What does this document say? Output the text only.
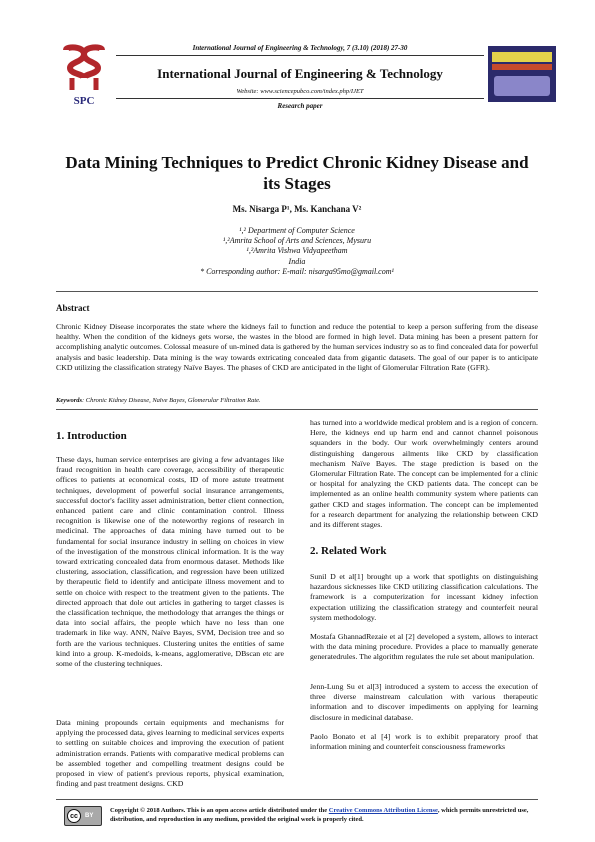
SPC
International Journal of Engineering & Technology, 7 (3.10) (2018) 27-30
International Journal of Engineering & Technology
Website: www.sciencepubco.com/index.php/IJET
Research paper
Data Mining Techniques to Predict Chronic Kidney Disease and its Stages
Ms. Nisarga P¹, Ms. Kanchana V²
¹,² Department of Computer Science
¹,²Amrita School of Arts and Sciences, Mysuru
¹,²Amrita Vishwa Vidyapeetham
India
* Corresponding author: E-mail: nisarga95mo@gmail.com¹
Abstract
Chronic Kidney Disease incorporates the state where the kidneys fail to function and reduce the potential to keep a person suffering from the disease healthy. When the condition of the kidneys gets worse, the wastes in the blood are formed in high level. Data mining has been a present pattern for accomplishing analytic outcomes. Colossal measure of un-mined data is gathered by the human services industry so as to find concealed data for powerful analysis and basic leadership. Data mining is the way towards extricating concealed data from gigantic datasets. The goal of our paper is to anticipate CKD utilizing the classification strategy Naïve Bayes. The phases of CKD are anticipated in the light of Glomerular Filtration Rate (GFR).
Keywords: Chronic Kidney Disease, Naïve Bayes, Glomerular Filtration Rate.
1. Introduction
These days, human service enterprises are giving a few advantages like fraud recognition in health care coverage, accessibility of therapeutic offices to patients at economical costs, ID of more astute treatment techniques, development of powerful social insurance arrangements, successful doctor's facility asset administration, better client connection, enhanced patient care and clinic contamination control. Illness recognition is likewise one of the noteworthy regions of research in medicinal. The approaches of data mining have turned out to be fundamental for social insurance industry in selling on choices in view of the investigation of the monstrous clinical information. It is the way toward extricating concealed data from enormous dataset. Methods like clustering, association, classification, and regression have been utilized by therapeutic field to identify and anticipate illness movement and to settle on choice with respect to the treatment given to the patients. The directed approach that dole out articles in gathering to target classes is the classification technique, the methodology that arranges the things or data into social affairs, the people which have no less than one trademark in like way. ANN, Naïve Bayes, SVM, Decision tree and so forth are the various techniques. Clustering unites the entities of same kind into a group. K-medoids, k-means, agglomerative, DBscan etc are some of the clustering techniques.
Data mining propounds certain equipments and mechanisms for applying the processed data, gives learning to medicinal services experts to settling on suitable choices and improving the execution of patient administration errands. Patients with comparative medical problems can be assembled together and compelling treatment designs could be proposed in view of patient's previous reports, physical examination, finding and past treatment designs. CKD
has turned into a worldwide medical problem and is a region of concern. Here, the kidneys end up harm end and cannot channel poisonous squanders in the body. Our work overwhelmingly centers around distinguishing dangerous ailments like CKD by classification mechanism Naïve Bayes. The stage prediction is based on the Glomerular Filtration Rate. The concept can be implemented for a clinic or hospital for analyzing the CKD patients data. The concept can be implemented as an online health community system where patients can gather CKD and stages information. The concept can be implemented for a research department for analyzing the relationship between CKD and its different stages.
2. Related Work
Sunil D et al[1] brought up a work that spotlights on distinguishing hazardous sicknesses like CKD utilizing classification calculations. The framework is a computerization for incessant kidney infection expectation utilizing the classification strategy and counterfeit neural system methodology.
Mostafa GhannadRezaie et al [2] developed a system, allows to interact with the data mining procedure. Provides a place to manually generate generatedrules. The algorithm regulates the rule set about manipulation.
Jenn-Lung Su et al[3] introduced a system to access the execution of three diverse mainstream calculation with various therapeutic information and to discover impediments on applying for learning disclosure in medicinal database.
Paolo Bonato et al [4] work is to exhibit preparatory proof that information mining and counterfeit consciousness frameworks
cc	BY
Copyright © 2018 Authors. This is an open access article distributed under the Creative Commons Attribution License, which permits unrestricted use, distribution, and reproduction in any medium, provided the original work is properly cited.
